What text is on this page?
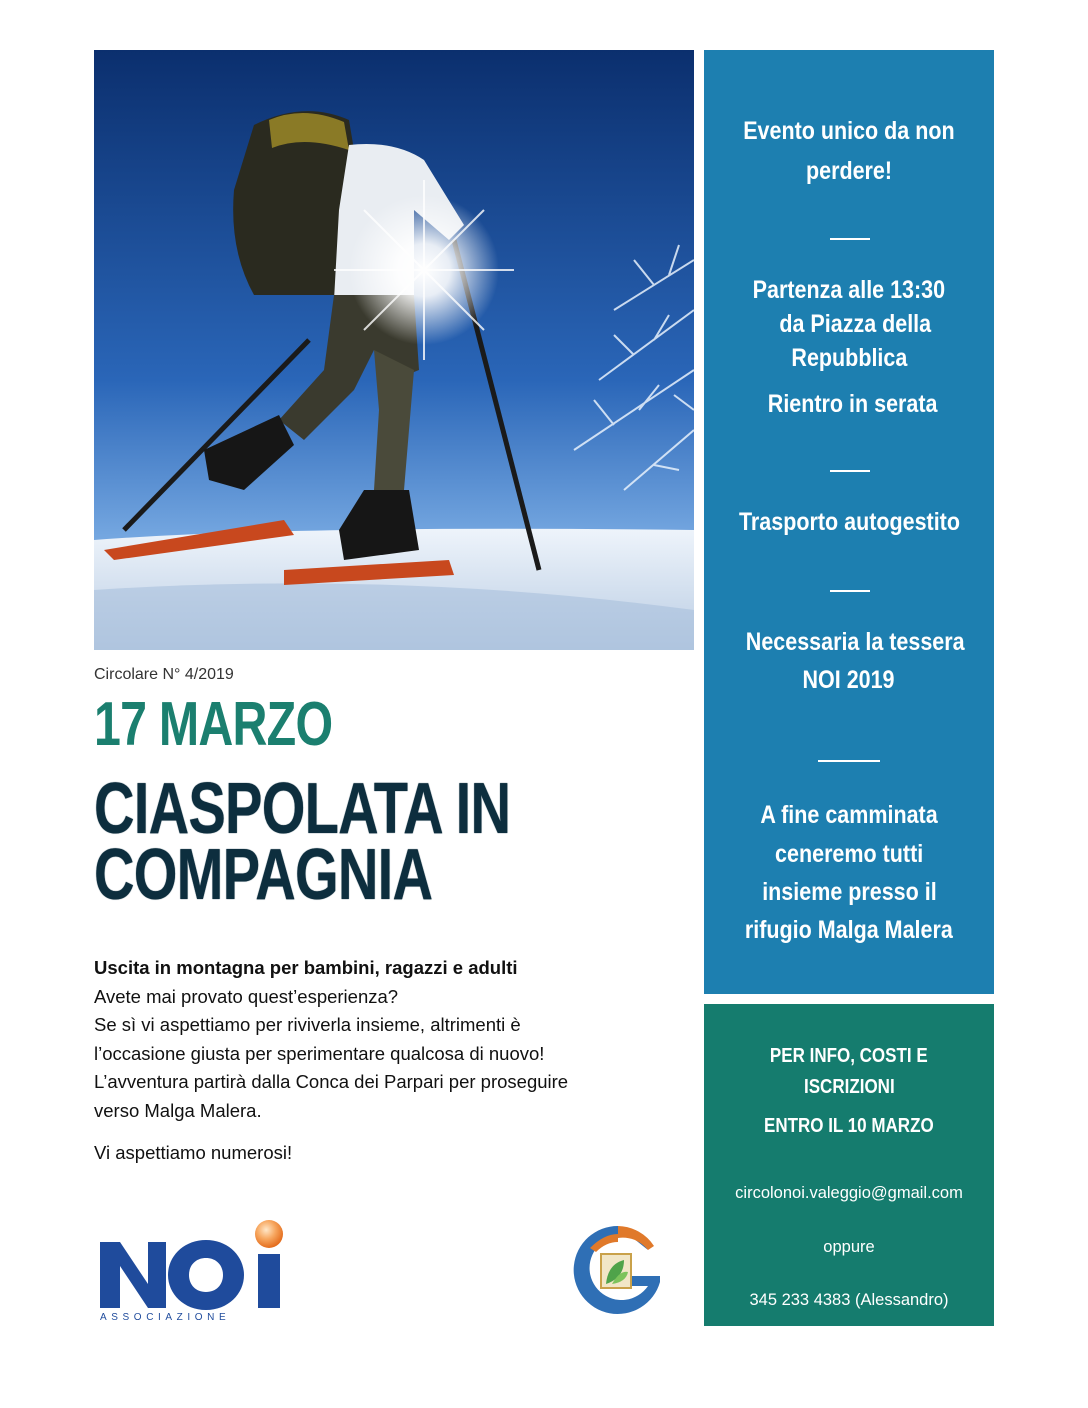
Circolare N° 4/2019
17 MARZO
CIASPOLATA IN
COMPAGNIA

Uscita in montagna per bambini, ragazzi e adulti

Avete mai provato quest’esperienza?

Se sì vi aspettiamo per riviverla insieme, altrimenti è

l’occasione giusta per sperimentare qualcosa di nuovo!

L’avventura partirà dalla Conca dei Parpari per proseguire

verso Malga Malera.

Vi aspettiamo numerosi!

Evento unico da non
perdere!
Partenza alle 13:30
da Piazza della
Repubblica
Rientro in serata
Trasporto autogestito
Necessaria la tessera
NOI 2019
A fine camminata
ceneremo tutti
insieme presso il
rifugio Malga Malera
PER INFO, COSTI E
ISCRIZIONI
ENTRO IL 10 MARZO
circolonoi.valeggio@gmail.com
oppure
345 233 4383 (Alessandro)
ASSOCIAZIONE
